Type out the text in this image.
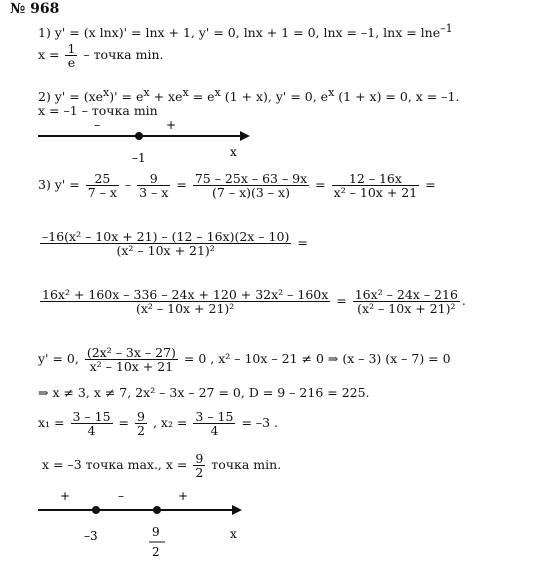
№ 968
1) y' = (x lnx)' = lnx + 1, y' = 0, lnx + 1 = 0, lnx = –1, lnx = lne$^{-1}$
$x = \frac{1}{e}$ – точка min.
2) $y' = (xe^x)' = e^x + xe^x = e^x$ (1 + x), y' = 0, $e^x$ (1 + x) = 0, x = –1.
x = –1 – точка min
–	+
–1	x
3) $y' = \frac{25}{7 - x} - \frac{9}{3 - x} = \frac{75 - 25x - 63 - 9x}{(7 - x)(3 - x)} = \frac{12 - 16x}{\text{x² – 10x + 21}}$ =
$\frac{\text{–16(x² – 10x + 21) – (12 – 16x)(2x – 10)}}{\text{(x² – 10x + 21)²}}$ =
$\frac{\text{16x² + 160x – 336 – 24x + 120 + 32x² – 160x}}{\text{(x² – 10x + 21)²}} = \frac{\text{16x² – 24x – 216}}{\text{(x² – 10x + 21)²}}$ .
y' = 0, $\frac{\text{(2x² – 3x – 27)}}{\text{x² – 10x + 21}} = 0$ , x² – 10x – 21 ≠ 0 ⇒ (x – 3) (x – 7) = 0
⇒ x ≠ 3, x ≠ 7, 2x² – 3x – 27 = 0, D = 9 – 216 = 225.
$x_1 = \frac{3 - 15}{4} = \frac{9}{2}$ , $x_2 = \frac{3 - 15}{4} = -3$ .
x = –3 точка max., $x = \frac{9}{2}$ точка min.
+	–	+
–3	9
2
x
